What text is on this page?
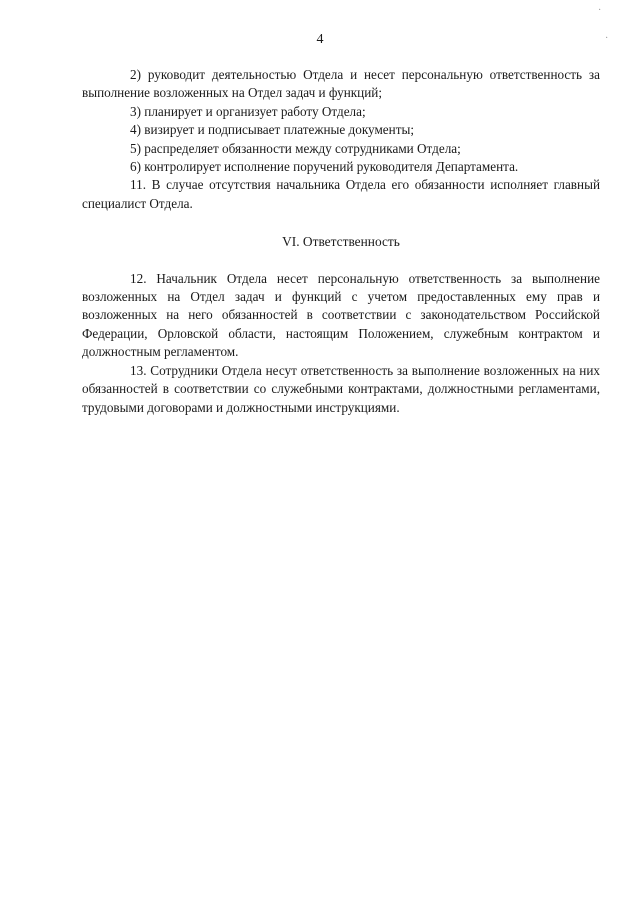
·
·
4

2) руководит деятельностью Отдела и несет персональную ответственность за выполнение возложенных на Отдел задач и функций;

3) планирует и организует работу Отдела;

4) визирует и подписывает платежные документы;

5) распределяет обязанности между сотрудниками Отдела;

6) контролирует исполнение поручений руководителя Департамента.

11. В случае отсутствия начальника Отдела его обязанности исполняет главный специалист Отдела.

VI. Ответственность

12. Начальник Отдела несет персональную ответственность за выполнение возложенных на Отдел задач и функций с учетом предоставленных ему прав и возложенных на него обязанностей в соответствии с законодательством Российской Федерации, Орловской области, настоящим Положением, служебным контрактом и должностным регламентом.

13. Сотрудники Отдела несут ответственность за выполнение возложенных на них обязанностей в соответствии со служебными контрактами, должностными регламентами, трудовыми договорами и должностными инструкциями.
